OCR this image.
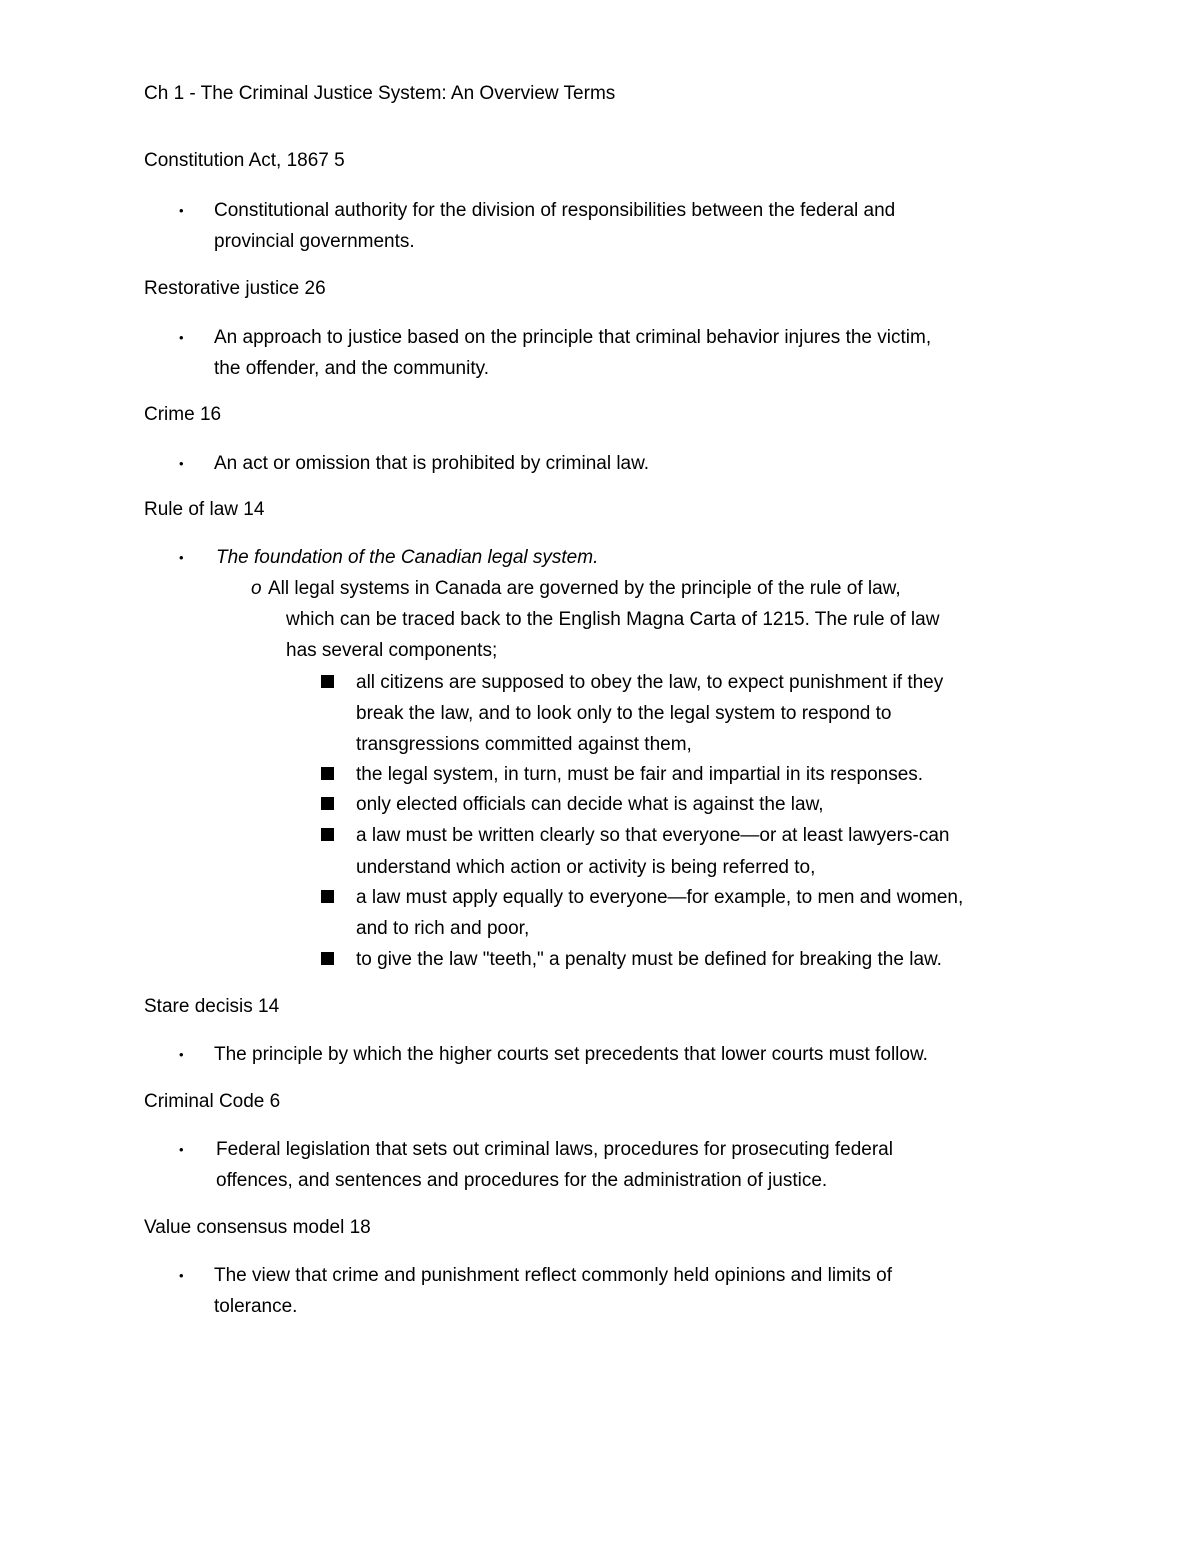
Ch 1 - The Criminal Justice System: An Overview Terms
Constitution Act, 1867 5
• Constitutional authority for the division of responsibilities between the federal and
provincial governments.
Restorative justice 26
• An approach to justice based on the principle that criminal behavior injures the victim,
the offender, and the community.
Crime 16
• An act or omission that is prohibited by criminal law.
Rule of law 14
• The foundation of the Canadian legal system.
o All legal systems in Canada are governed by the principle of the rule of law,
which can be traced back to the English Magna Carta of 1215. The rule of law
has several components;
all citizens are supposed to obey the law, to expect punishment if they
break the law, and to look only to the legal system to respond to
transgressions committed against them,
the legal system, in turn, must be fair and impartial in its responses.
only elected officials can decide what is against the law,
a law must be written clearly so that everyone—or at least lawyers-can
understand which action or activity is being referred to,
a law must apply equally to everyone—for example, to men and women,
and to rich and poor,
to give the law "teeth," a penalty must be defined for breaking the law.
Stare decisis 14
• The principle by which the higher courts set precedents that lower courts must follow.
Criminal Code 6
• Federal legislation that sets out criminal laws, procedures for prosecuting federal
offences, and sentences and procedures for the administration of justice.
Value consensus model 18
• The view that crime and punishment reflect commonly held opinions and limits of
tolerance.
